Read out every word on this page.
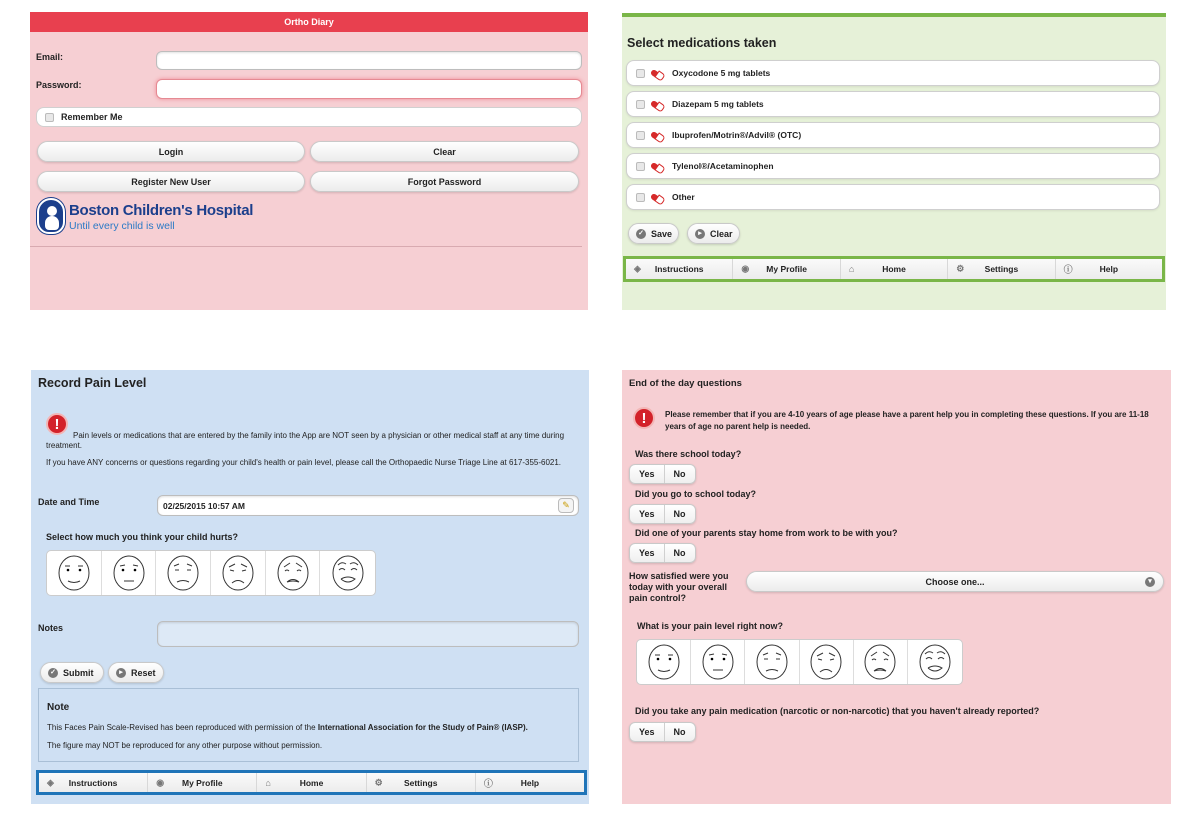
Ortho Diary
Email:
Password:
Remember Me
Login	Clear
Register New User	Forgot Password
Boston Children's Hospital
Until every child is well
Select medications taken
Oxycodone 5 mg tablets
Diazepam 5 mg tablets
Ibuprofen/Motrin®/Advil® (OTC)
Tylenol®/Acetaminophen
Other
✓ Save	▸ Clear
◈ Instructions	◉ My Profile	⌂	Home	⚙ Settings	ⓘ	Help
Record Pain Level
!
Pain levels or medications that are entered by the family into the App are NOT seen by a physician or other medical staff at any time during treatment.
If you have ANY concerns or questions regarding your child's health or pain level, please call the Orthopaedic Nurse Triage Line at 617-355-6021.
Date and Time	02/25/2015 10:57 AM	✎
Select how much you think your child hurts?
Notes
✓ Submit	▸ Reset
Note
This Faces Pain Scale-Revised has been reproduced with permission of the International Association for the Study of Pain® (IASP).
The figure may NOT be reproduced for any other purpose without permission.
◈ Instructions	◉ My Profile	⌂	Home	⚙	Settings	ⓘ	Help
End of the day questions
!	Please remember that if you are 4-10 years of age please have a parent help you in completing these questions. If you are 11-18 years of age no parent help is needed.
Was there school today?
Yes	No
Did you go to school today?
Yes	No
Did one of your parents stay home from work to be with you?
Yes	No
How satisfied were you today with your overall pain control?
Choose one...	▾
What is your pain level right now?
Did you take any pain medication (narcotic or non-narcotic) that you haven't already reported?
Yes	No
